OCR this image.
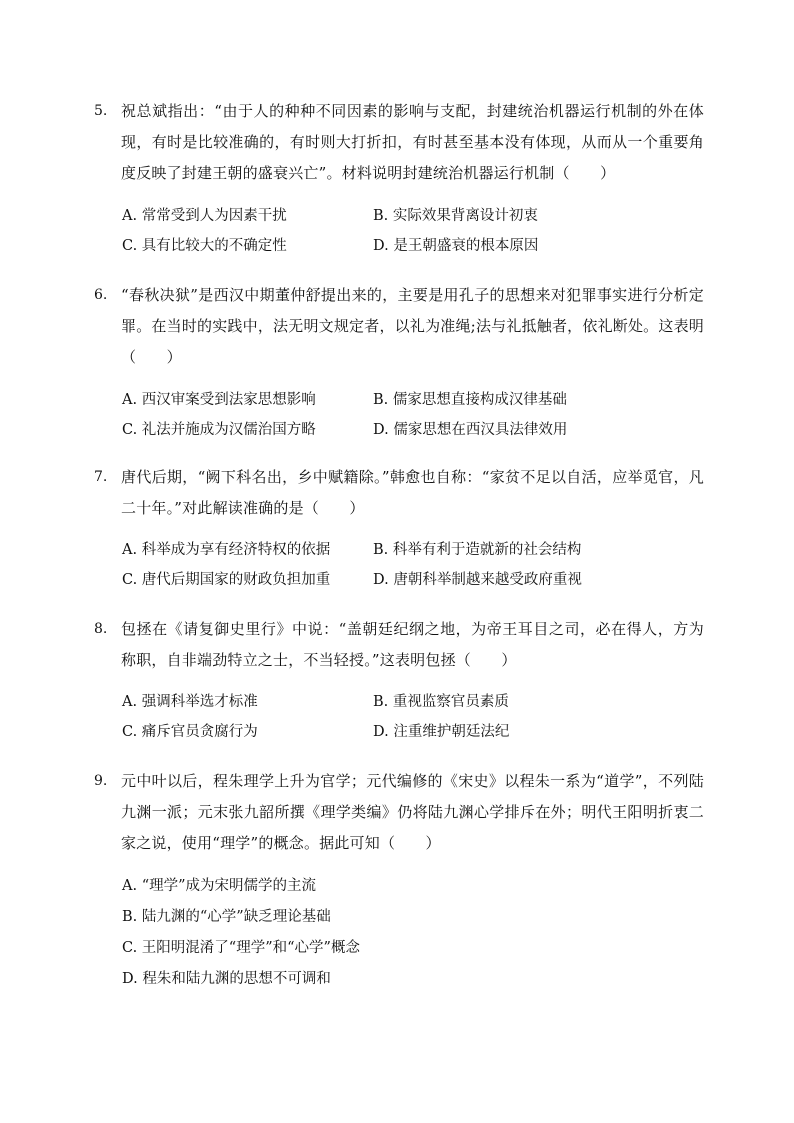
5. 祝总斌指出：“由于人的种种不同因素的影响与支配，封建统治机器运行机制的外在体现，有时是比较准确的，有时则大打折扣，有时甚至基本没有体现，从而从一个重要角度反映了封建王朝的盛衰兴亡”。材料说明封建统治机器运行机制（　　）
A. 常常受到人为因素干扰	B. 实际效果背离设计初衷
C. 具有比较大的不确定性	D. 是王朝盛衰的根本原因
6. “春秋决狱”是西汉中期董仲舒提出来的，主要是用孔子的思想来对犯罪事实进行分析定罪。在当时的实践中，法无明文规定者，以礼为准绳;法与礼抵触者，依礼断处。这表明（　　）
A. 西汉审案受到法家思想影响	B. 儒家思想直接构成汉律基础
C. 礼法并施成为汉儒治国方略	D. 儒家思想在西汉具法律效用
7. 唐代后期，“阙下科名出，乡中赋籍除。”韩愈也自称：“家贫不足以自活，应举觅官，凡二十年。”对此解读准确的是（　　）
A. 科举成为享有经济特权的依据	B. 科举有利于造就新的社会结构
C. 唐代后期国家的财政负担加重	D. 唐朝科举制越来越受政府重视
8. 包拯在《请复御史里行》中说：“盖朝廷纪纲之地，为帝王耳目之司，必在得人，方为称职，自非端劲特立之士，不当轻授。”这表明包拯（　　）
A. 强调科举选才标准	B. 重视监察官员素质
C. 痛斥官员贪腐行为	D. 注重维护朝廷法纪
9. 元中叶以后，程朱理学上升为官学；元代编修的《宋史》以程朱一系为“道学”，不列陆九渊一派；元末张九韶所撰《理学类编》仍将陆九渊心学排斥在外；明代王阳明折衷二家之说，使用“理学”的概念。据此可知（　　）
A. “理学”成为宋明儒学的主流
B. 陆九渊的“心学”缺乏理论基础
C. 王阳明混淆了“理学”和“心学”概念
D. 程朱和陆九渊的思想不可调和
